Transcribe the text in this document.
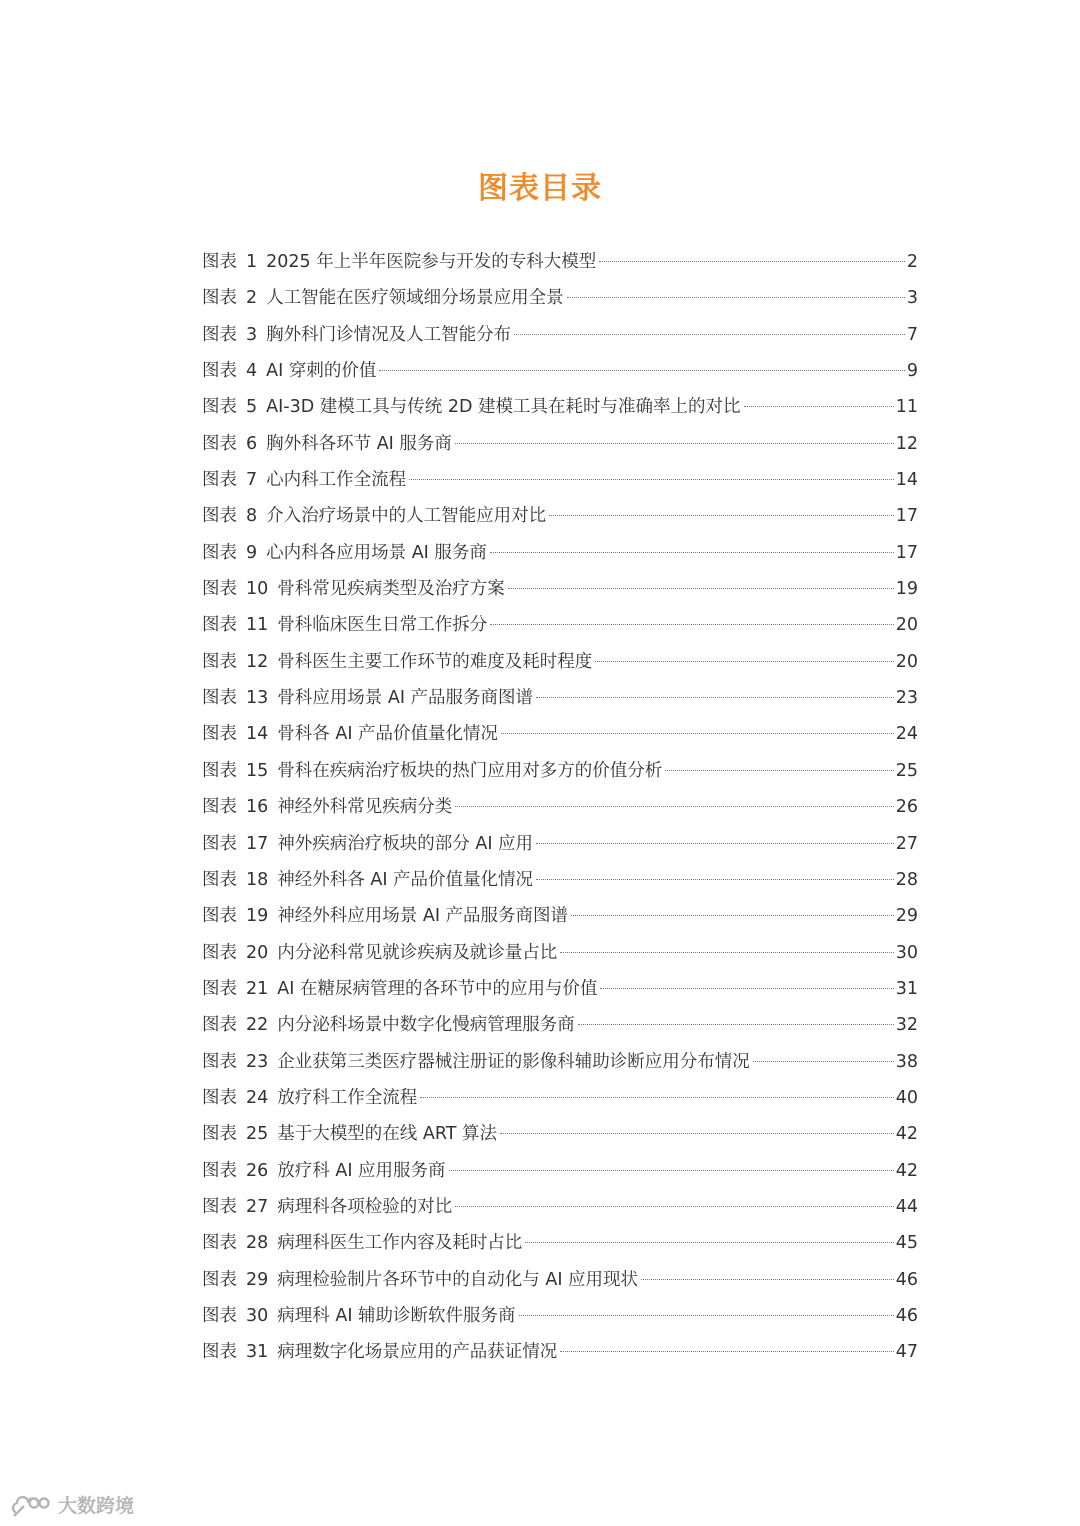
图表目录
图表 1 2025 年上半年医院参与开发的专科大模型	2
图表 2 人工智能在医疗领域细分场景应用全景	3
图表 3 胸外科门诊情况及人工智能分布	7
图表 4 AI 穿刺的价值	9
图表 5 AI-3D 建模工具与传统 2D 建模工具在耗时与准确率上的对比	11
图表 6 胸外科各环节 AI 服务商	12
图表 7 心内科工作全流程	14
图表 8 介入治疗场景中的人工智能应用对比	17
图表 9 心内科各应用场景 AI 服务商	17
图表 10 骨科常见疾病类型及治疗方案	19
图表 11 骨科临床医生日常工作拆分	20
图表 12 骨科医生主要工作环节的难度及耗时程度	20
图表 13 骨科应用场景 AI 产品服务商图谱	23
图表 14 骨科各 AI 产品价值量化情况	24
图表 15 骨科在疾病治疗板块的热门应用对多方的价值分析	25
图表 16 神经外科常见疾病分类	26
图表 17 神外疾病治疗板块的部分 AI 应用	27
图表 18 神经外科各 AI 产品价值量化情况	28
图表 19 神经外科应用场景 AI 产品服务商图谱	29
图表 20 内分泌科常见就诊疾病及就诊量占比	30
图表 21 AI 在糖尿病管理的各环节中的应用与价值	31
图表 22 内分泌科场景中数字化慢病管理服务商	32
图表 23 企业获第三类医疗器械注册证的影像科辅助诊断应用分布情况	38
图表 24 放疗科工作全流程	40
图表 25 基于大模型的在线 ART 算法	42
图表 26 放疗科 AI 应用服务商	42
图表 27 病理科各项检验的对比	44
图表 28 病理科医生工作内容及耗时占比	45
图表 29 病理检验制片各环节中的自动化与 AI 应用现状	46
图表 30 病理科 AI 辅助诊断软件服务商	46
图表 31 病理数字化场景应用的产品获证情况	47
大数跨境
